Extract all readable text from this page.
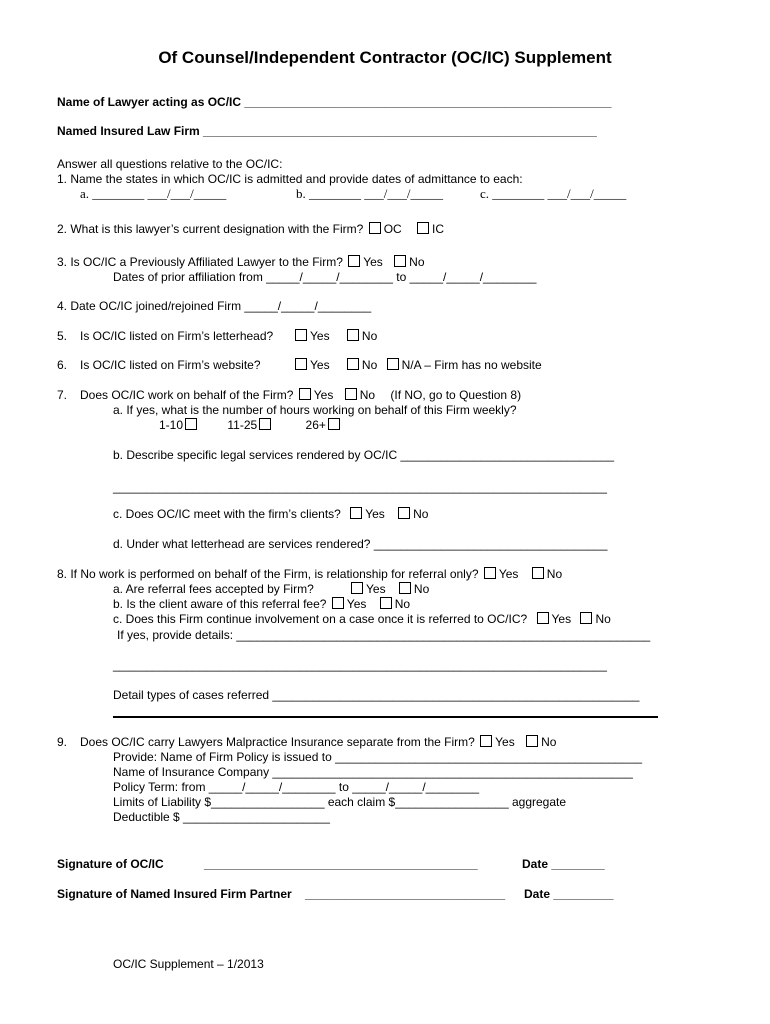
Of Counsel/Independent Contractor (OC/IC) Supplement
Name of Lawyer acting as OC/IC _______________________________________________________
Named Insured Law Firm ___________________________________________________________
Answer all questions relative to the OC/IC:
1. Name the states in which OC/IC is admitted and provide dates of admittance to each:
a. ________ ___/___/_____	b. ________ ___/___/_____	c. ________ ___/___/_____
2. What is this lawyer’s current designation with the Firm? OC	IC
3. Is OC/IC a Previously Affiliated Lawyer to the Firm? Yes No
Dates of prior affiliation from _____/_____/________ to _____/_____/________
4. Date OC/IC joined/rejoined Firm _____/_____/________
5. Is OC/IC listed on Firm’s letterhead?	Yes	No
6. Is OC/IC listed on Firm’s website?	Yes	No N/A – Firm has no website
7. Does OC/IC work on behalf of the Firm? Yes No (If NO, go to Question 8)
a. If yes, what is the number of hours working on behalf of this Firm weekly?
1-10	11-25	26+
b. Describe specific legal services rendered by OC/IC ________________________________
__________________________________________________________________________
c. Does OC/IC meet with the firm’s clients? Yes No
d. Under what letterhead are services rendered? ___________________________________
8. If No work is performed on behalf of the Firm, is relationship for referral only? Yes No
a. Are referral fees accepted by Firm?	Yes No
b. Is the client aware of this referral fee? Yes No
c. Does this Firm continue involvement on a case once it is referred to OC/IC? Yes No
If yes, provide details: ______________________________________________________________
__________________________________________________________________________
Detail types of cases referred _______________________________________________________
9. Does OC/IC carry Lawyers Malpractice Insurance separate from the Firm? Yes No
Provide: Name of Firm Policy is issued to ______________________________________________
Name of Insurance Company ______________________________________________________
Policy Term: from _____/_____/________ to _____/_____/________
Limits of Liability $_________________ each claim $_________________ aggregate
Deductible $ ______________________
Signature of OC/IC	_________________________________________	Date ________
Signature of Named Insured Firm Partner ______________________________ Date _________
OC/IC Supplement – 1/2013
